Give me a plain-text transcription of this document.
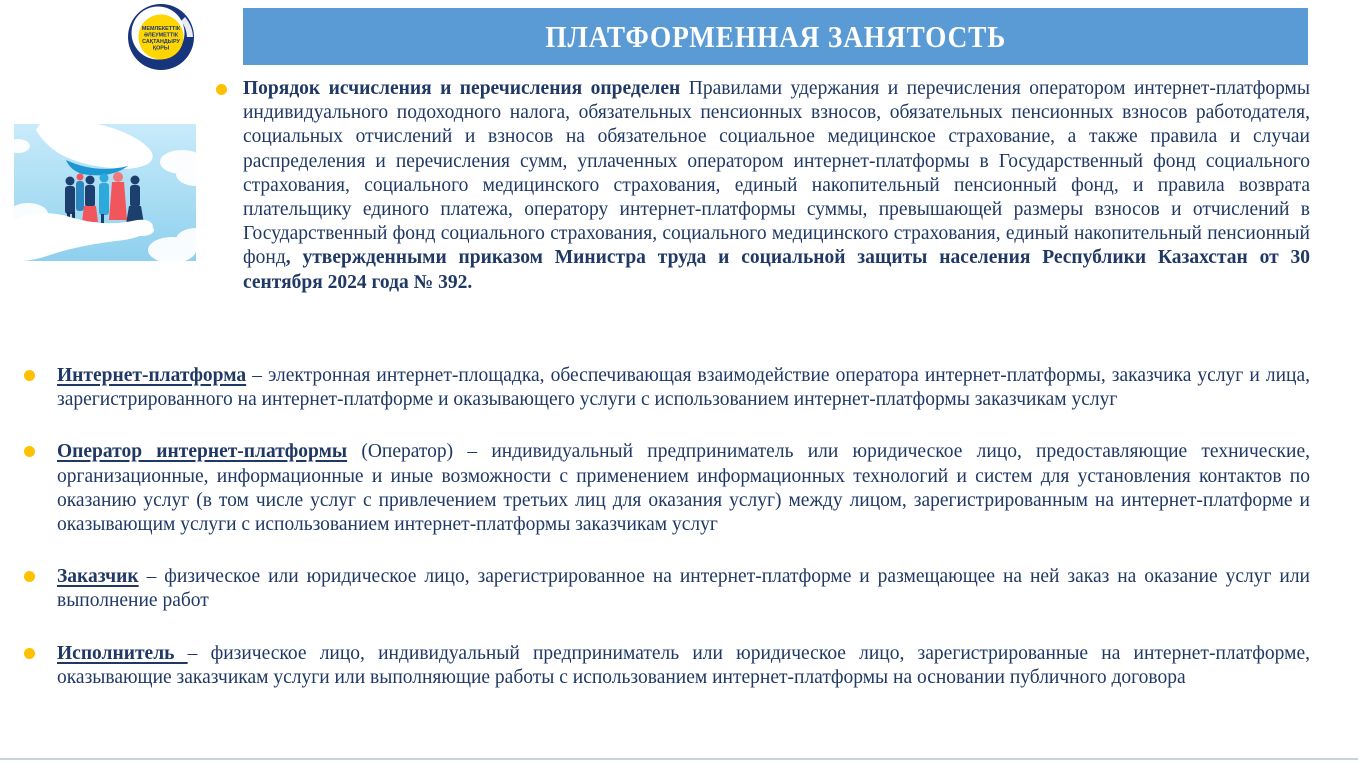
МЕМЛЕКЕТТІК
ӘЛЕУМЕТТІК
САҚТАНДЫРУ
ҚОРЫ	ПЛАТФОРМЕННАЯ ЗАНЯТОСТЬ
Порядок исчисления и перечисления определен Правилами удержания и перечисления оператором интернет-платформы индивидуального подоходного налога, обязательных пенсионных взносов, обязательных пенсионных взносов работодателя, социальных отчислений и взносов на обязательное социальное медицинское страхование, а также правила и случаи распределения и перечисления сумм, уплаченных оператором интернет-платформы в Государственный фонд социального страхования, социального медицинского страхования, единый накопительный пенсионный фонд, и правила возврата плательщику единого платежа, оператору интернет-платформы суммы, превышающей размеры взносов и отчислений в Государственный фонд социального страхования, социального медицинского страхования, единый накопительный пенсионный фонд, утвержденными приказом Министра труда и социальной защиты населения Республики Казахстан от 30 сентября 2024 года № 392.
Интернет-платформа – электронная интернет-площадка, обеспечивающая взаимодействие оператора интернет-платформы, заказчика услуг и лица, зарегистрированного на интернет-платформе и оказывающего услуги с использованием интернет-платформы заказчикам услуг
Оператор интернет-платформы (Оператор) – индивидуальный предприниматель или юридическое лицо, предоставляющие технические, организационные, информационные и иные возможности с применением информационных технологий и систем для установления контактов по оказанию услуг (в том числе услуг с привлечением третьих лиц для оказания услуг) между лицом, зарегистрированным на интернет-платформе и оказывающим услуги с использованием интернет-платформы заказчикам услуг
Заказчик – физическое или юридическое лицо, зарегистрированное на интернет-платформе и размещающее на ней заказ на оказание услуг или выполнение работ
Исполнитель – физическое лицо, индивидуальный предприниматель или юридическое лицо, зарегистрированные на интернет-платформе, оказывающие заказчикам услуги или выполняющие работы с использованием интернет-платформы на основании публичного договора
